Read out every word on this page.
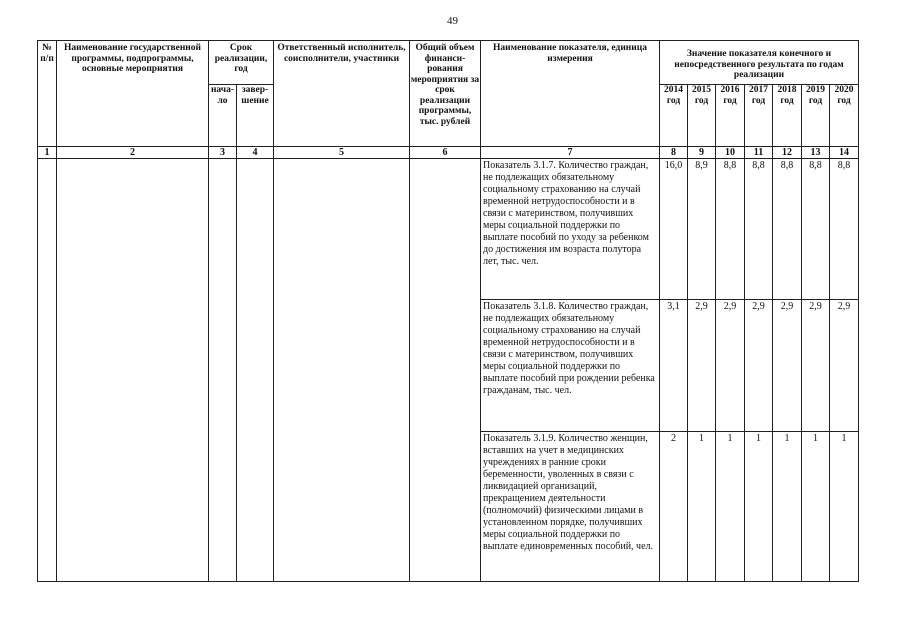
49
№ п/п	Наименование государственной программы, подпрограммы, основные мероприятия	Срок реализации, год		Ответственный исполнитель, соисполнители, участники	Общий объем финанси-рования мероприятия за срок реализации программы, тыс. рублей	Наименование показателя, единица измерения	Значение показателя конечного и непосредственного результата по годам реализации						
		нача-ло	завер-шение				2014 год	2015 год	2016 год	2017 год	2018 год	2019 год	2020 год
1	2	3	4	5	6	7	8	9	10	11	12	13	14
						Показатель 3.1.7. Количество граждан, не подлежащих обязательному социальному страхованию на случай временной нетрудоспособности и в связи с материнством, получивших меры социальной поддержки по выплате пособий по уходу за ребенком до достижения им возраста полутора лет, тыс. чел.	16,0	8,9	8,8	8,8	8,8	8,8	8,8
						Показатель 3.1.8. Количество граждан, не подлежащих обязательному социальному страхованию на случай временной нетрудоспособности и в связи с материнством, получивших меры социальной поддержки по выплате пособий при рождении ребенка гражданам, тыс. чел.	3,1	2,9	2,9	2,9	2,9	2,9	2,9
						Показатель 3.1.9. Количество женщин, вставших на учет в медицинских учреждениях в ранние сроки беременности, уволенных в связи с ликвидацией организаций, прекращением деятельности (полномочий) физическими лицами в установленном порядке, получивших меры социальной поддержки по выплате единовременных пособий, чел.	2	1	1	1	1	1	1
